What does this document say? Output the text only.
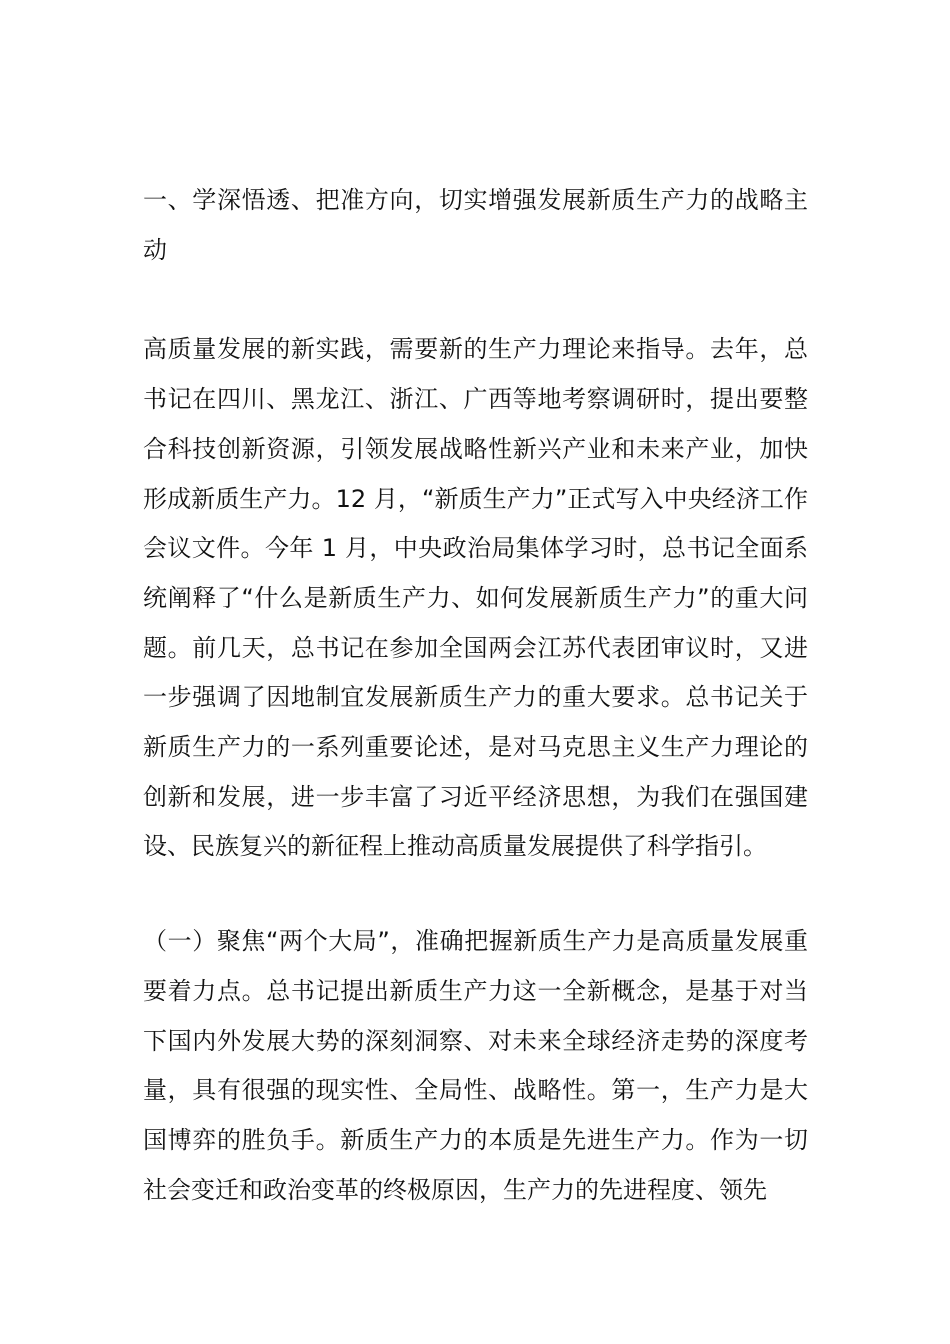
一、学深悟透、把准方向，切实增强发展新质生产力的战略主动

高质量发展的新实践，需要新的生产力理论来指导。去年，总书记在四川、黑龙江、浙江、广西等地考察调研时，提出要整合科技创新资源，引领发展战略性新兴产业和未来产业，加快形成新质生产力。12 月，“新质生产力”正式写入中央经济工作会议文件。今年 1 月，中央政治局集体学习时，总书记全面系统阐释了“什么是新质生产力、如何发展新质生产力”的重大问题。前几天，总书记在参加全国两会江苏代表团审议时，又进一步强调了因地制宜发展新质生产力的重大要求。总书记关于新质生产力的一系列重要论述，是对马克思主义生产力理论的创新和发展，进一步丰富了习近平经济思想，为我们在强国建设、民族复兴的新征程上推动高质量发展提供了科学指引。

（一）聚焦“两个大局”，准确把握新质生产力是高质量发展重要着力点。总书记提出新质生产力这一全新概念，是基于对当下国内外发展大势的深刻洞察、对未来全球经济走势的深度考量，具有很强的现实性、全局性、战略性。第一，生产力是大国博弈的胜负手。新质生产力的本质是先进生产力。作为一切社会变迁和政治变革的终极原因，生产力的先进程度、领先
